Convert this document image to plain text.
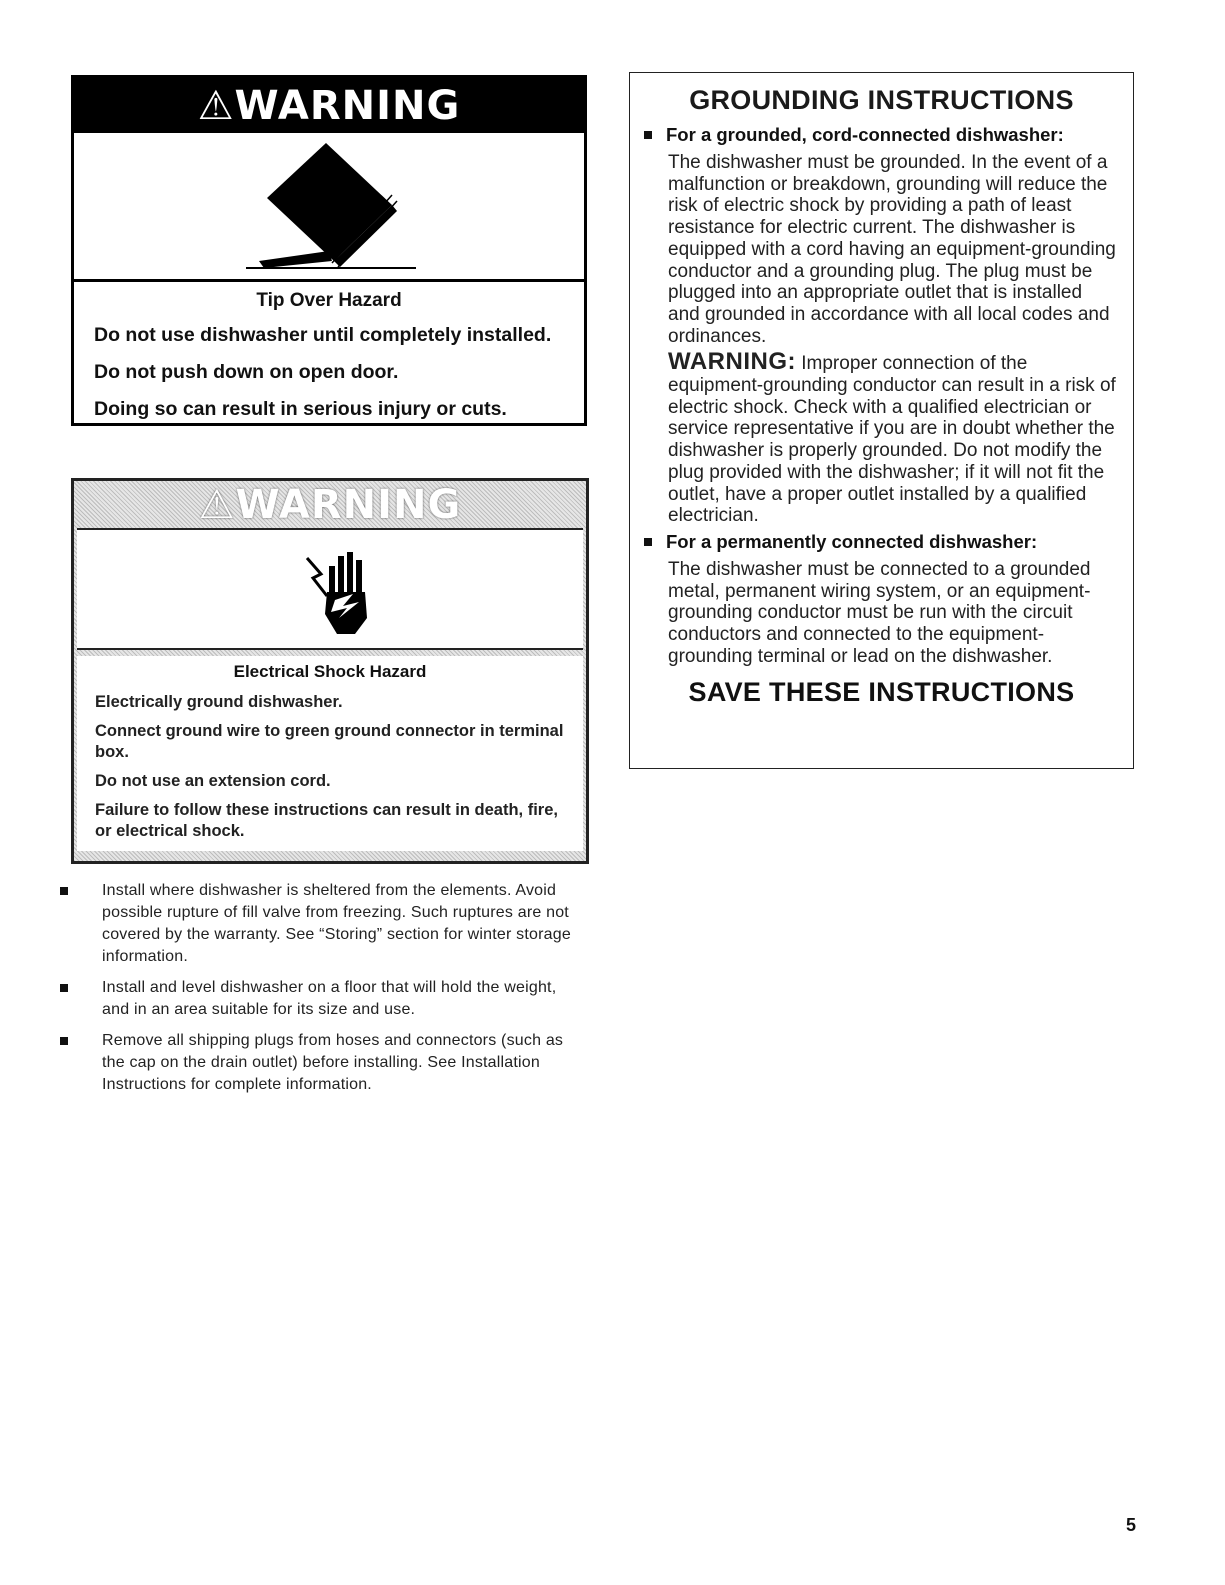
⚠WARNING

Tip Over Hazard

Do not use dishwasher until completely installed.

Do not push down on open door.

Doing so can result in serious injury or cuts.

⚠WARNING

Electrical Shock Hazard

Electrically ground dishwasher.

Connect ground wire to green ground connector in terminal box.

Do not use an extension cord.

Failure to follow these instructions can result in death, fire, or electrical shock.

Install where dishwasher is sheltered from the elements. Avoid possible rupture of fill valve from freezing. Such ruptures are not covered by the warranty. See “Storing” section for winter storage information.
Install and level dishwasher on a floor that will hold the weight, and in an area suitable for its size and use.
Remove all shipping plugs from hoses and connectors (such as the cap on the drain outlet) before installing. See Installation Instructions for complete information.
GROUNDING INSTRUCTIONS

For a grounded, cord-connected dishwasher:

The dishwasher must be grounded. In the event of a malfunction or breakdown, grounding will reduce the risk of electric shock by providing a path of least resistance for electric current. The dishwasher is equipped with a cord having an equipment-grounding conductor and a grounding plug. The plug must be plugged into an appropriate outlet that is installed and grounded in accordance with all local codes and ordinances.

WARNING: Improper connection of the equipment-grounding conductor can result in a risk of electric shock. Check with a qualified electrician or service representative if you are in doubt whether the dishwasher is properly grounded. Do not modify the plug provided with the dishwasher; if it will not fit the outlet, have a proper outlet installed by a qualified electrician.

For a permanently connected dishwasher:

The dishwasher must be connected to a grounded metal, permanent wiring system, or an equipment-grounding conductor must be run with the circuit conductors and connected to the equipment-grounding terminal or lead on the dishwasher.

SAVE THESE INSTRUCTIONS

5
